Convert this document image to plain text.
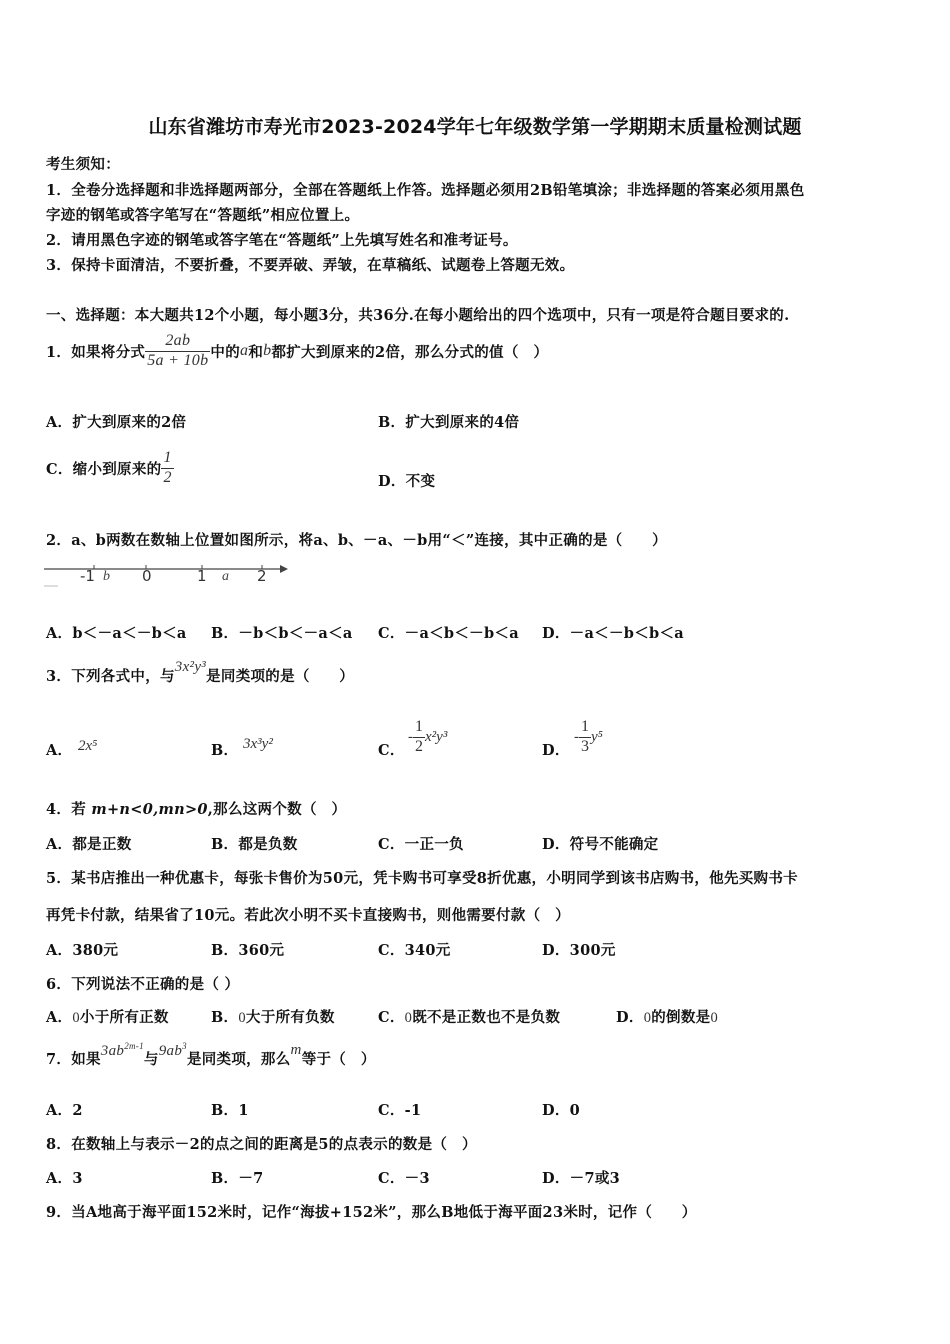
山东省潍坊市寿光市2023-2024学年七年级数学第一学期期末质量检测试题
考生须知：
1．全卷分选择题和非选择题两部分，全部在答题纸上作答。选择题必须用2B铅笔填涂；非选择题的答案必须用黑色
字迹的钢笔或答字笔写在“答题纸”相应位置上。
2．请用黑色字迹的钢笔或答字笔在“答题纸”上先填写姓名和准考证号。
3．保持卡面清洁，不要折叠，不要弄破、弄皱，在草稿纸、试题卷上答题无效。
一、选择题：本大题共12个小题，每小题3分，共36分.在每小题给出的四个选项中，只有一项是符合题目要求的.
1．如果将分式 $\frac{2ab}{5a + 10b}$ 中的 a 和 b 都扩大到原来的2倍，那么分式的值（　）
A．扩大到原来的2倍	B．扩大到原来的4倍
C．缩小到原来的 $\frac{1}{2}$	D．不变
2．a、b两数在数轴上位置如图所示，将a、b、－a、－b用“＜”连接，其中正确的是（　　）
-1 b 0	1 a 2
A．b＜－a＜－b＜a B．－b＜b＜－a＜a C．－a＜b＜－b＜a D．－a＜－b＜b＜a
3．下列各式中，与
3x²y³
是同类项的是（　　）
A． 2x⁵	B． 3x³y²	C．
- $\frac{1}{2} x^2y^3$
D．
- $\frac{1}{3} y^5$
4．若 m+n<0,mn>0,那么这两个数（　）
A．都是正数	B．都是负数	C．一正一负	D．符号不能确定
5．某书店推出一种优惠卡，每张卡售价为50元，凭卡购书可享受8折优惠，小明同学到该书店购书，他先买购书卡
再凭卡付款，结果省了10元。若此次小明不买卡直接购书，则他需要付款（　）
A．380元	B．360元	C．340元	D．300元
6．下列说法不正确的是（ ）
A．0小于所有正数	B．0大于所有负数	C．0既不是正数也不是负数	D．0的倒数是0
7．如果 $3ab^{2m-1}$
与 $9ab^3$
是同类项，那么
m
等于（　）
A．2	B．1	C．-1	D．0
8．在数轴上与表示－2的点之间的距离是5的点表示的数是（　）
A．3	B．－7	C．－3	D．－7或3
9．当A地高于海平面152米时，记作“海拔+152米”，那么B地低于海平面23米时，记作（　　）
